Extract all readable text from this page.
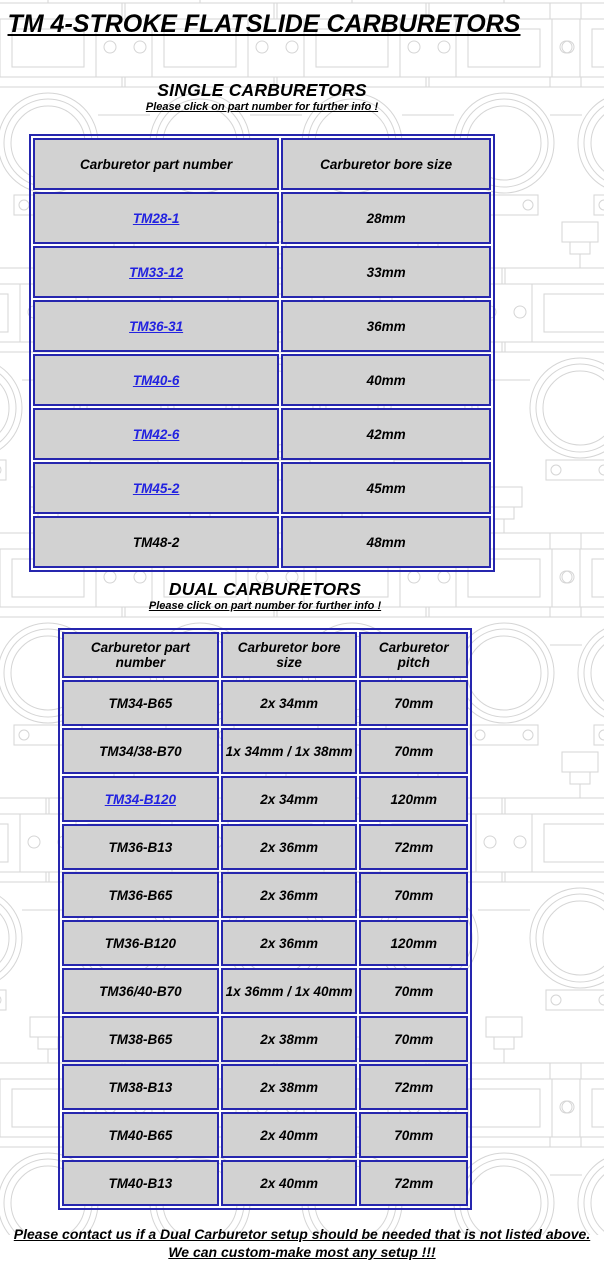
TM 4-STROKE FLATSLIDE CARBURETORS
SINGLE CARBURETORS
Please click on part number for further info !
Carburetor part number	Carburetor bore size
TM28-1	28mm
TM33-12	33mm
TM36-31	36mm
TM40-6	40mm
TM42-6	42mm
TM45-2	45mm
TM48-2	48mm
DUAL CARBURETORS
Please click on part number for further info !
Carburetor part number	Carburetor bore size	Carburetor pitch
TM34-B65	2x 34mm	70mm
TM34/38-B70	1x 34mm / 1x 38mm	70mm
TM34-B120	2x 34mm	120mm
TM36-B13	2x 36mm	72mm
TM36-B65	2x 36mm	70mm
TM36-B120	2x 36mm	120mm
TM36/40-B70	1x 36mm / 1x 40mm	70mm
TM38-B65	2x 38mm	70mm
TM38-B13	2x 38mm	72mm
TM40-B65	2x 40mm	70mm
TM40-B13	2x 40mm	72mm
Please contact us if a Dual Carburetor setup should be needed that is not listed above.
We can custom-make most any setup !!!
